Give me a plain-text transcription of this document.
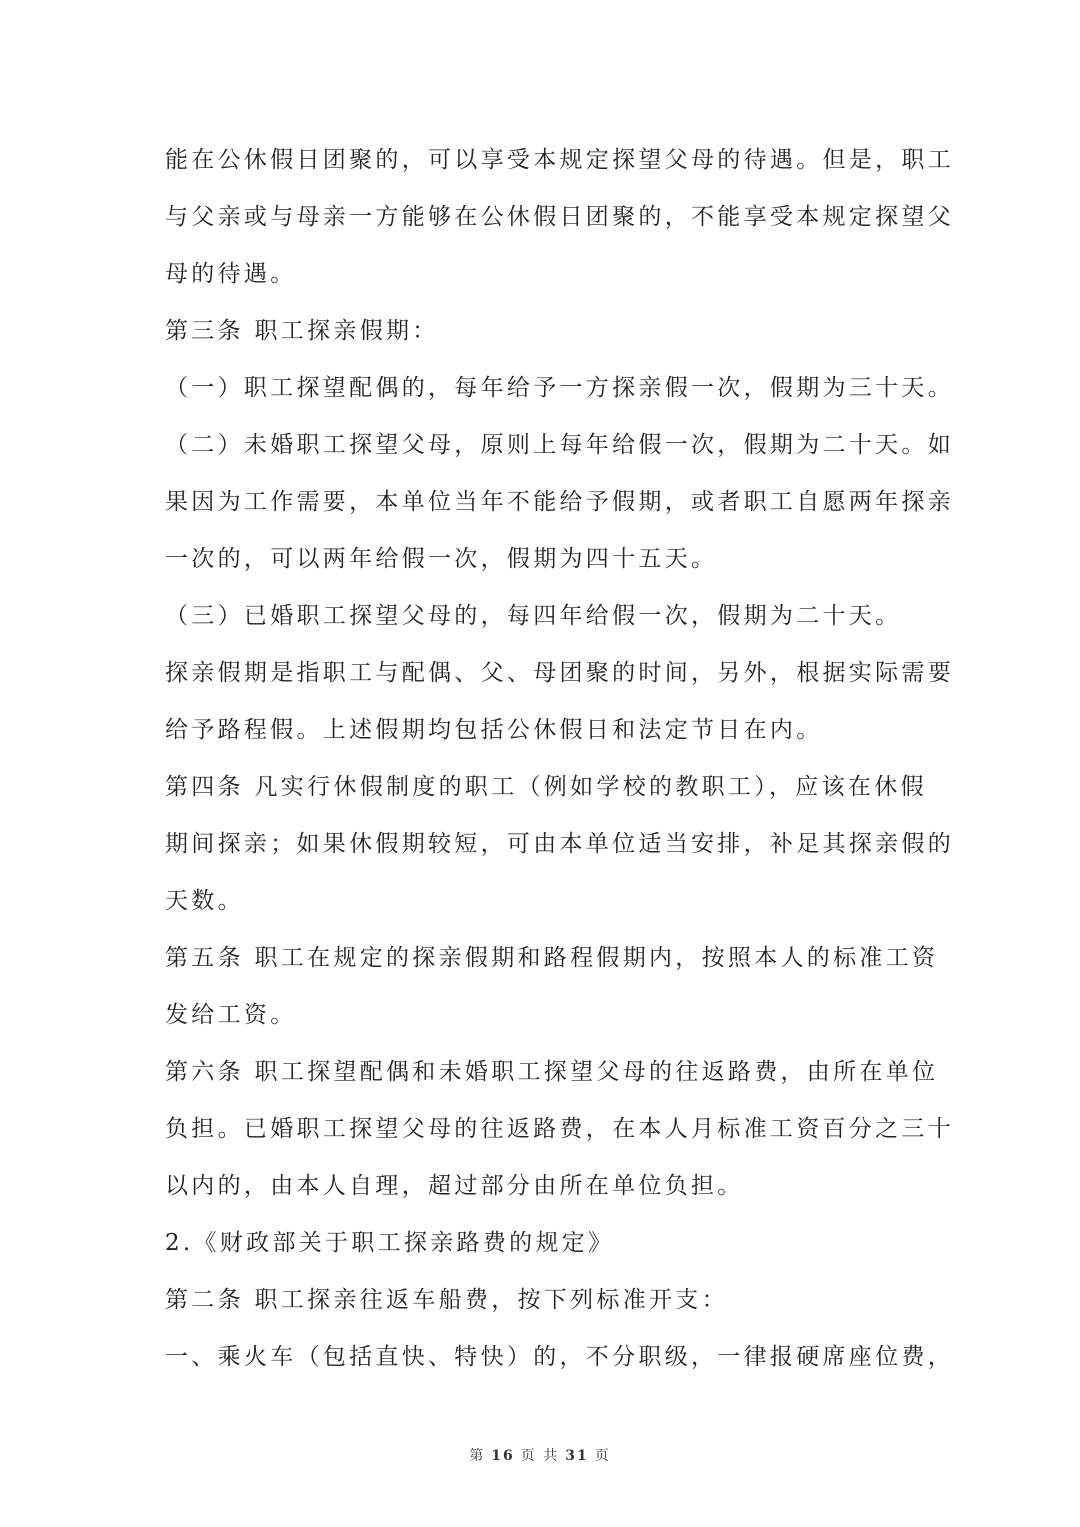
能在公休假日团聚的，可以享受本规定探望父母的待遇。但是，职工
与父亲或与母亲一方能够在公休假日团聚的，不能享受本规定探望父
母的待遇。
第三条 职工探亲假期：
（一）职工探望配偶的，每年给予一方探亲假一次，假期为三十天。
（二）未婚职工探望父母，原则上每年给假一次，假期为二十天。如
果因为工作需要，本单位当年不能给予假期，或者职工自愿两年探亲
一次的，可以两年给假一次，假期为四十五天。
（三）已婚职工探望父母的，每四年给假一次，假期为二十天。
探亲假期是指职工与配偶、父、母团聚的时间，另外，根据实际需要
给予路程假。上述假期均包括公休假日和法定节日在内。
第四条 凡实行休假制度的职工（例如学校的教职工），应该在休假
期间探亲；如果休假期较短，可由本单位适当安排，补足其探亲假的
天数。
第五条 职工在规定的探亲假期和路程假期内，按照本人的标准工资
发给工资。
第六条 职工探望配偶和未婚职工探望父母的往返路费，由所在单位
负担。已婚职工探望父母的往返路费，在本人月标准工资百分之三十
以内的，由本人自理，超过部分由所在单位负担。
2.《财政部关于职工探亲路费的规定》
第二条 职工探亲往返车船费，按下列标准开支：
一、乘火车（包括直快、特快）的，不分职级，一律报硬席座位费，
第 16 页 共 31 页
